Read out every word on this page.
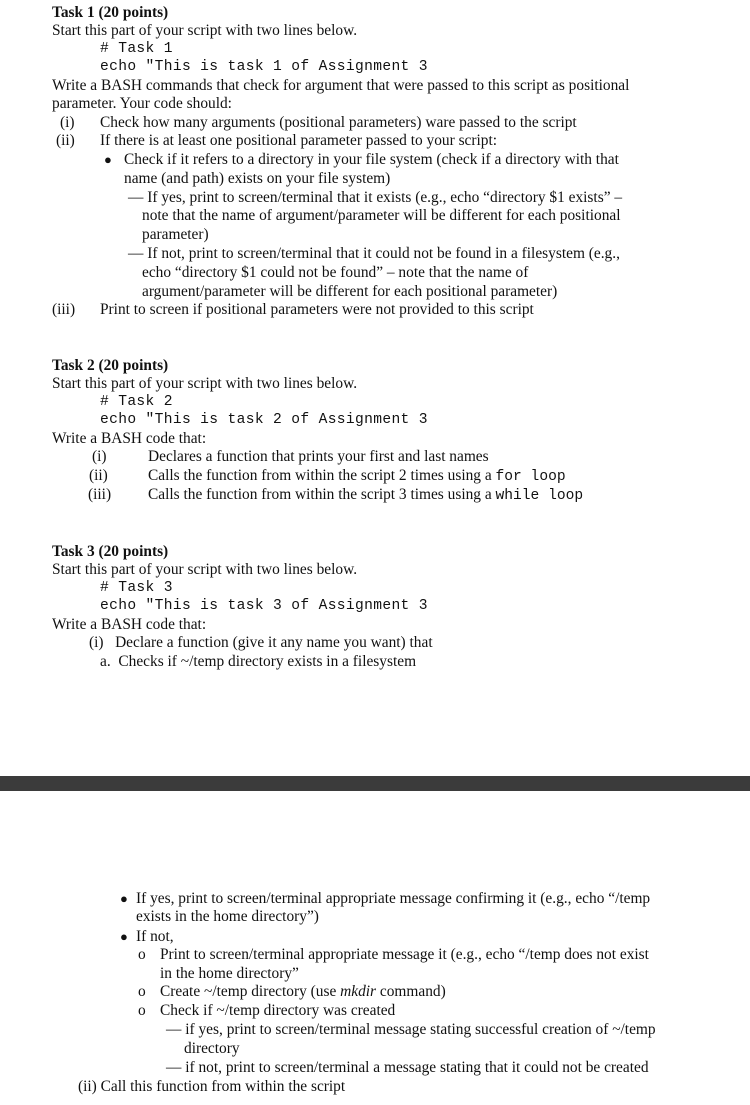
Task 1 (20 points)
Start this part of your script with two lines below.
# Task 1
echo "This is task 1 of Assignment 3
Write a BASH commands that check for argument that were passed to this script as positional
parameter. Your code should:
(i) Check how many arguments (positional parameters) ware passed to the script
(ii) If there is at least one positional parameter passed to your script:
● Check if it refers to a directory in your file system (check if a directory with that
name (and path) exists on your file system)
— If yes, print to screen/terminal that it exists (e.g., echo “directory $1 exists” –
note that the name of argument/parameter will be different for each positional
parameter)
— If not, print to screen/terminal that it could not be found in a filesystem (e.g.,
echo “directory $1 could not be found” – note that the name of
argument/parameter will be different for each positional parameter)
(iii) Print to screen if positional parameters were not provided to this script
Task 2 (20 points)
Start this part of your script with two lines below.
# Task 2
echo "This is task 2 of Assignment 3
Write a BASH code that:
(i)	Declares a function that prints your first and last names
(ii)	Calls the function from within the script 2 times using a for loop
(iii) Calls the function from within the script 3 times using a while loop
Task 3 (20 points)
Start this part of your script with two lines below.
# Task 3
echo "This is task 3 of Assignment 3
Write a BASH code that:
(i)   Declare a function (give it any name you want) that
a.  Checks if ~/temp directory exists in a filesystem
● If yes, print to screen/terminal appropriate message confirming it (e.g., echo “/temp
exists in the home directory”)
● If not,
o Print to screen/terminal appropriate message it (e.g., echo “/temp does not exist
in the home directory”
o Create ~/temp directory (use mkdir command)
o Check if ~/temp directory was created
— if yes, print to screen/terminal message stating successful creation of ~/temp
directory
— if not, print to screen/terminal a message stating that it could not be created
(ii) Call this function from within the script
